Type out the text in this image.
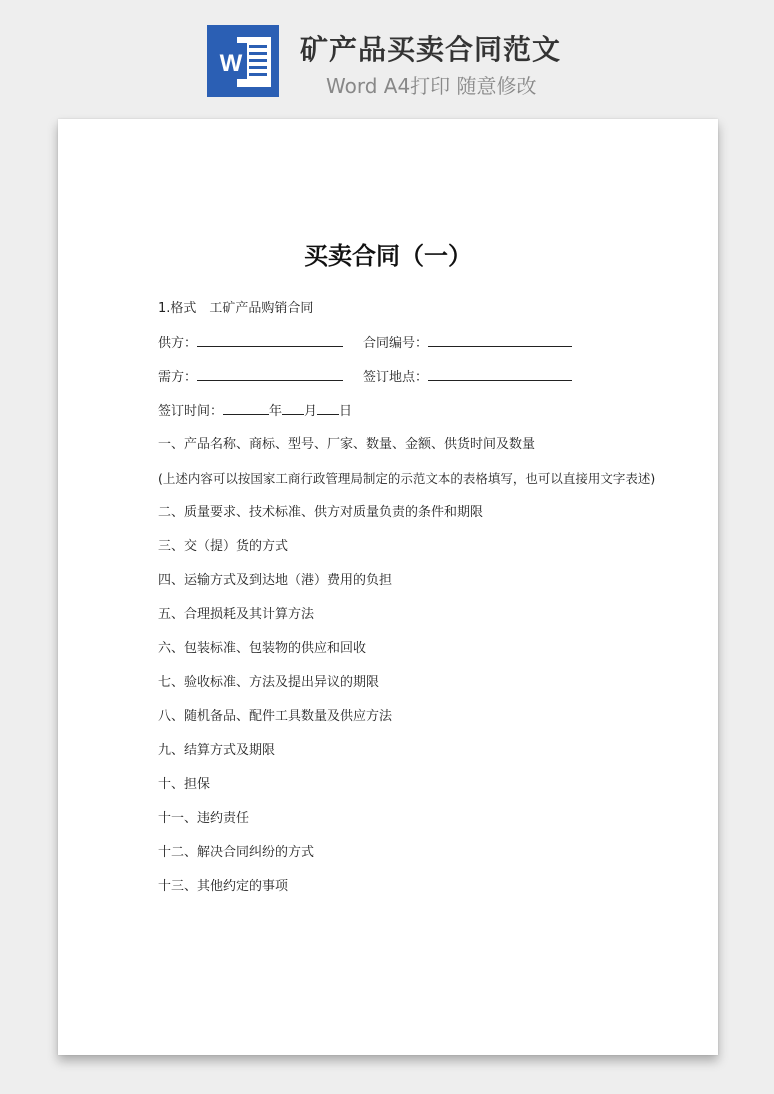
W 矿产品买卖合同范文
Word A4打印 随意修改
买卖合同（一）
1.格式　工矿产品购销合同
供方：	合同编号：
需方：	签订地点：
签订时间：	年 月 日
一、产品名称、商标、型号、厂家、数量、金额、供货时间及数量
(上述内容可以按国家工商行政管理局制定的示范文本的表格填写，也可以直接用文字表述)
二、质量要求、技术标准、供方对质量负责的条件和期限
三、交（提）货的方式
四、运输方式及到达地（港）费用的负担
五、合理损耗及其计算方法
六、包装标准、包装物的供应和回收
七、验收标准、方法及提出异议的期限
八、随机备品、配件工具数量及供应方法
九、结算方式及期限
十、担保
十一、违约责任
十二、解决合同纠纷的方式
十三、其他约定的事项
